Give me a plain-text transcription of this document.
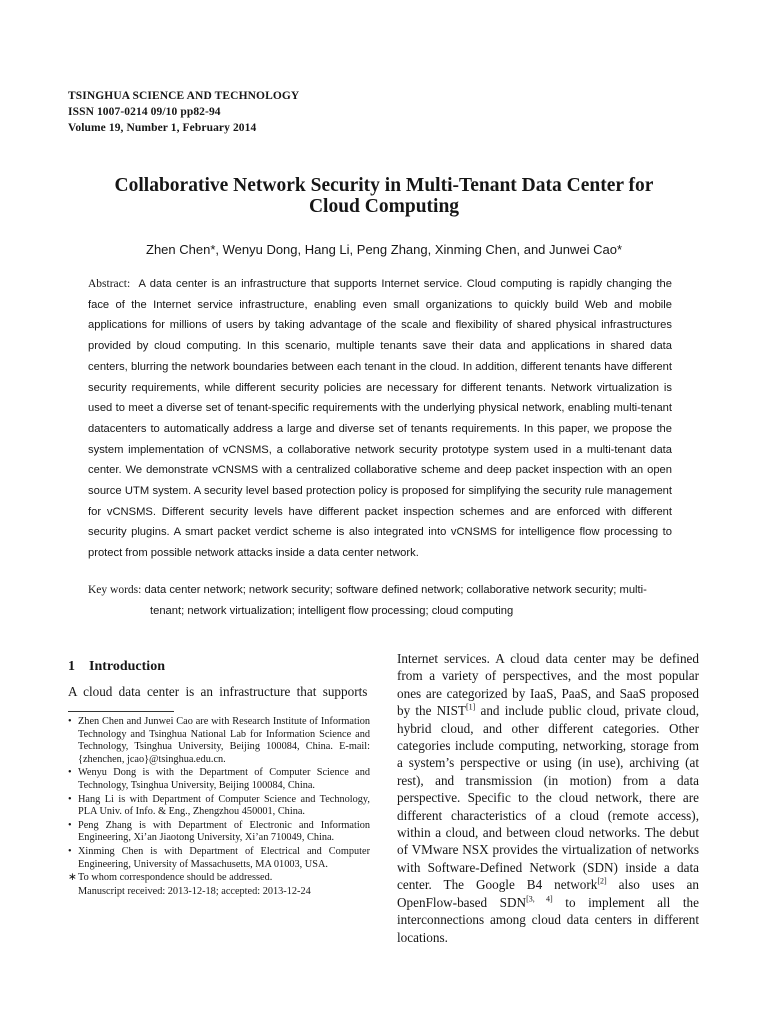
TSINGHUA SCIENCE AND TECHNOLOGY
ISSN 1007-0214 09/10 pp82-94
Volume 19, Number 1, February 2014
Collaborative Network Security in Multi-Tenant Data Center for
Cloud Computing
Zhen Chen*, Wenyu Dong, Hang Li, Peng Zhang, Xinming Chen, and Junwei Cao*
Abstract: A data center is an infrastructure that supports Internet service. Cloud computing is rapidly changing the face of the Internet service infrastructure, enabling even small organizations to quickly build Web and mobile applications for millions of users by taking advantage of the scale and flexibility of shared physical infrastructures provided by cloud computing. In this scenario, multiple tenants save their data and applications in shared data centers, blurring the network boundaries between each tenant in the cloud. In addition, different tenants have different security requirements, while different security policies are necessary for different tenants. Network virtualization is used to meet a diverse set of tenant-specific requirements with the underlying physical network, enabling multi-tenant datacenters to automatically address a large and diverse set of tenants requirements. In this paper, we propose the system implementation of vCNSMS, a collaborative network security prototype system used in a multi-tenant data center. We demonstrate vCNSMS with a centralized collaborative scheme and deep packet inspection with an open source UTM system. A security level based protection policy is proposed for simplifying the security rule management for vCNSMS. Different security levels have different packet inspection schemes and are enforced with different security plugins. A smart packet verdict scheme is also integrated into vCNSMS for intelligence flow processing to protect from possible network attacks inside a data center network.
Key words: data center network; network security; software defined network; collaborative network security; multi-
tenant; network virtualization; intelligent flow processing; cloud computing
1 Introduction
A cloud data center is an infrastructure that supports
• Zhen Chen and Junwei Cao are with Research Institute of Information Technology and Tsinghua National Lab for Information Science and Technology, Tsinghua University, Beijing 100084, China. E-mail: {zhenchen, jcao}@tsinghua.edu.cn.
• Wenyu Dong is with the Department of Computer Science and Technology, Tsinghua University, Beijing 100084, China.
• Hang Li is with Department of Computer Science and Technology, PLA Univ. of Info. & Eng., Zhengzhou 450001, China.
• Peng Zhang is with Department of Electronic and Information Engineering, Xi’an Jiaotong University, Xi’an 710049, China.
• Xinming Chen is with Department of Electrical and Computer Engineering, University of Massachusetts, MA 01003, USA.
∗ To whom correspondence should be addressed.
Manuscript received: 2013-12-18; accepted: 2013-12-24
Internet services. A cloud data center may be defined from a variety of perspectives, and the most popular ones are categorized by IaaS, PaaS, and SaaS proposed by the NIST[1] and include public cloud, private cloud, hybrid cloud, and other different categories. Other categories include computing, networking, storage from a system’s perspective or using (in use), archiving (at rest), and transmission (in motion) from a data perspective. Specific to the cloud network, there are different characteristics of a cloud (remote access), within a cloud, and between cloud networks. The debut of VMware NSX provides the virtualization of networks with Software-Defined Network (SDN) inside a data center. The Google B4 network[2] also uses an OpenFlow-based SDN[3, 4] to implement all the interconnections among cloud data centers in different locations.
